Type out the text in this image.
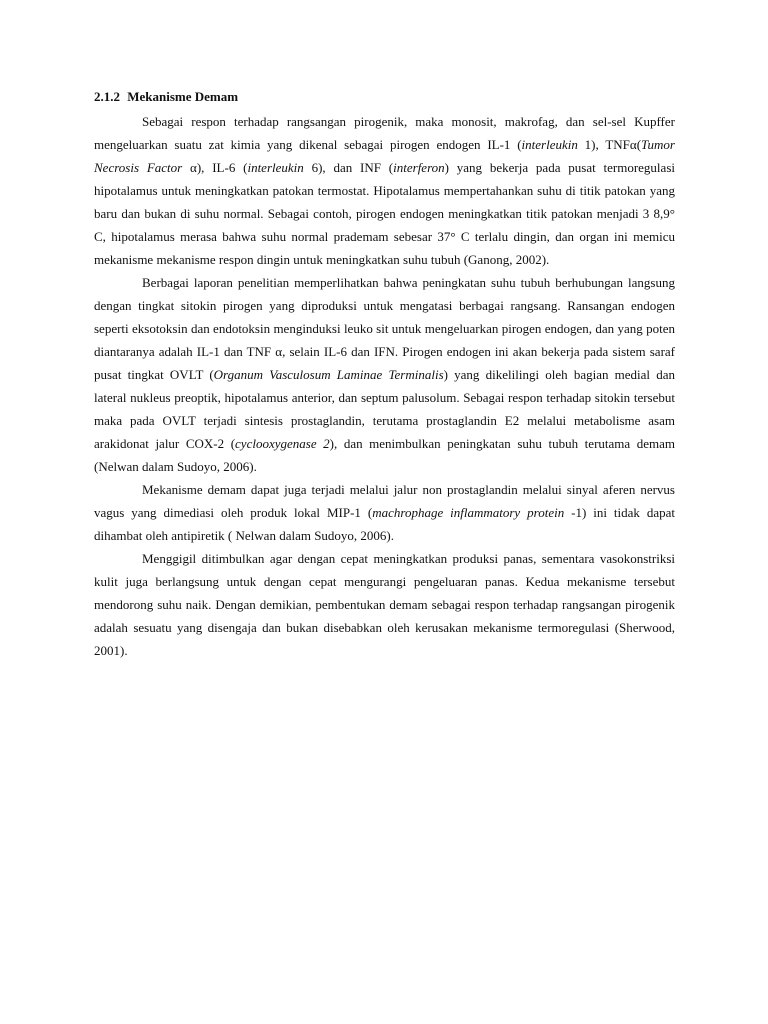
2.1.2 Mekanisme Demam

Sebagai respon terhadap rangsangan pirogenik, maka monosit, makrofag, dan sel-sel Kupffer mengeluarkan suatu zat kimia yang dikenal sebagai pirogen endogen IL-1 (interleukin 1), TNFα(Tumor Necrosis Factor α), IL-6 (interleukin 6), dan INF (interferon) yang bekerja pada pusat termoregulasi hipotalamus untuk meningkatkan patokan termostat. Hipotalamus mempertahankan suhu di titik patokan yang baru dan bukan di suhu normal. Sebagai contoh, pirogen endogen meningkatkan titik patokan menjadi 3 8,9° C, hipotalamus merasa bahwa suhu normal prademam sebesar 37° C terlalu dingin, dan organ ini memicu mekanisme mekanisme respon dingin untuk meningkatkan suhu tubuh (Ganong, 2002).

Berbagai laporan penelitian memperlihatkan bahwa peningkatan suhu tubuh berhubungan langsung dengan tingkat sitokin pirogen yang diproduksi untuk mengatasi berbagai rangsang. Ransangan endogen seperti eksotoksin dan endotoksin menginduksi leuko sit untuk mengeluarkan pirogen endogen, dan yang poten diantaranya adalah IL-1 dan TNF α, selain IL-6 dan IFN. Pirogen endogen ini akan bekerja pada sistem saraf pusat tingkat OVLT (Organum Vasculosum Laminae Terminalis) yang dikelilingi oleh bagian medial dan lateral nukleus preoptik, hipotalamus anterior, dan septum palusolum. Sebagai respon terhadap sitokin tersebut maka pada OVLT terjadi sintesis prostaglandin, terutama prostaglandin E2 melalui metabolisme asam arakidonat jalur COX-2 (cyclooxygenase 2), dan menimbulkan peningkatan suhu tubuh terutama demam (Nelwan dalam Sudoyo, 2006).

Mekanisme demam dapat juga terjadi melalui jalur non prostaglandin melalui sinyal aferen nervus vagus yang dimediasi oleh produk lokal MIP-1 (machrophage inflammatory protein -1) ini tidak dapat dihambat oleh antipiretik ( Nelwan dalam Sudoyo, 2006).

Menggigil ditimbulkan agar dengan cepat meningkatkan produksi panas, sementara vasokonstriksi kulit juga berlangsung untuk dengan cepat mengurangi pengeluaran panas. Kedua mekanisme tersebut mendorong suhu naik. Dengan demikian, pembentukan demam sebagai respon terhadap rangsangan pirogenik adalah sesuatu yang disengaja dan bukan disebabkan oleh kerusakan mekanisme termoregulasi (Sherwood, 2001).
